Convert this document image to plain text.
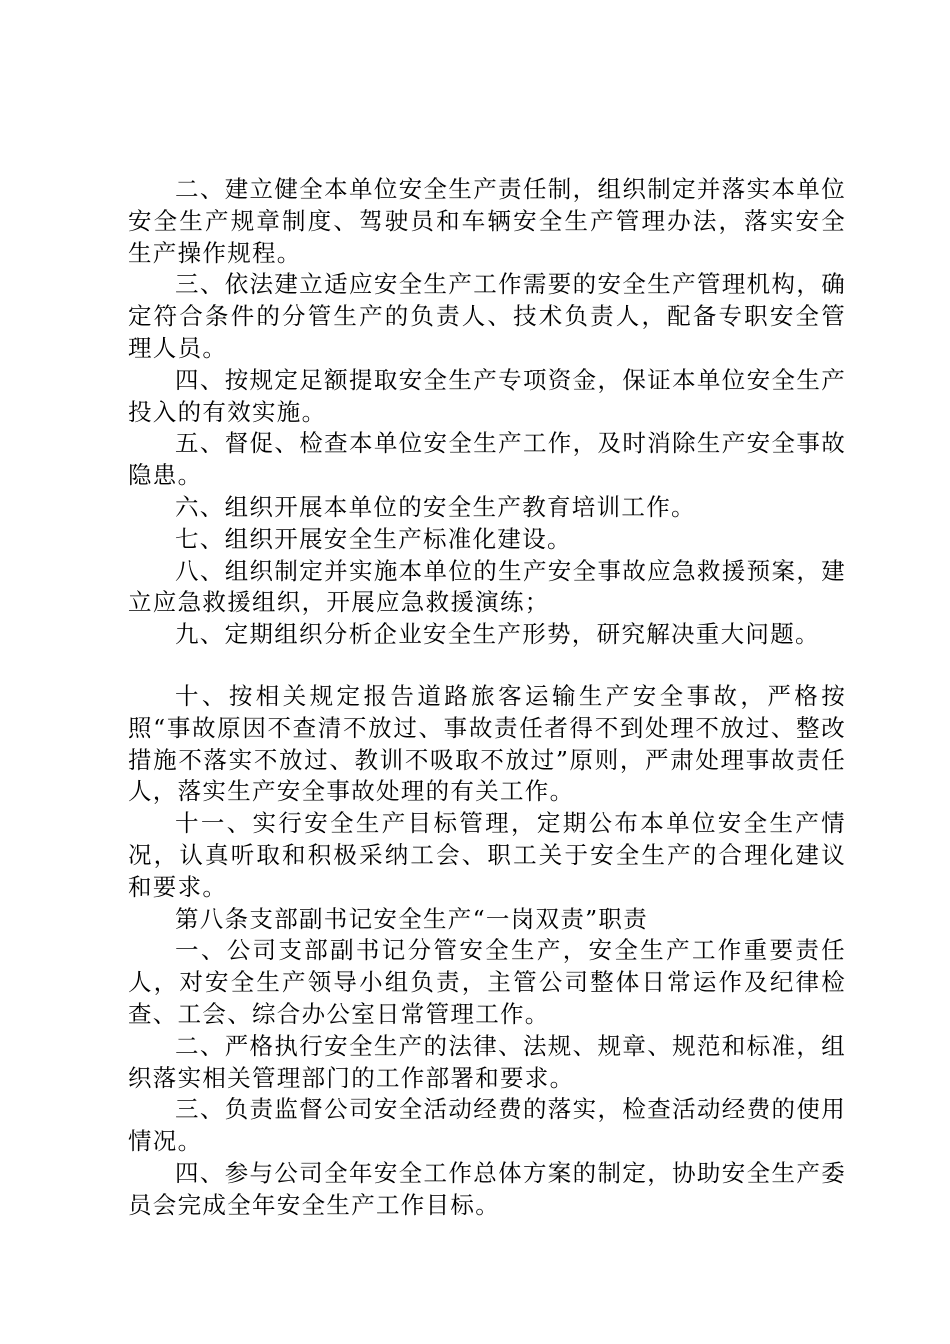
二、建立健全本单位安全生产责任制，组织制定并落实本单位安全生产规章制度、驾驶员和车辆安全生产管理办法，落实安全生产操作规程。

三、依法建立适应安全生产工作需要的安全生产管理机构，确定符合条件的分管生产的负责人、技术负责人，配备专职安全管理人员。

四、按规定足额提取安全生产专项资金，保证本单位安全生产投入的有效实施。

五、督促、检查本单位安全生产工作，及时消除生产安全事故隐患。

六、组织开展本单位的安全生产教育培训工作。

七、组织开展安全生产标准化建设。

八、组织制定并实施本单位的生产安全事故应急救援预案，建立应急救援组织，开展应急救援演练；

九、定期组织分析企业安全生产形势，研究解决重大问题。

十、按相关规定报告道路旅客运输生产安全事故，严格按照“事故原因不查清不放过、事故责任者得不到处理不放过、整改措施不落实不放过、教训不吸取不放过”原则，严肃处理事故责任人，落实生产安全事故处理的有关工作。

十一、实行安全生产目标管理，定期公布本单位安全生产情况，认真听取和积极采纳工会、职工关于安全生产的合理化建议和要求。

第八条支部副书记安全生产“一岗双责”职责

一、公司支部副书记分管安全生产，安全生产工作重要责任人，对安全生产领导小组负责，主管公司整体日常运作及纪律检查、工会、综合办公室日常管理工作。

二、严格执行安全生产的法律、法规、规章、规范和标准，组织落实相关管理部门的工作部署和要求。

三、负责监督公司安全活动经费的落实，检查活动经费的使用情况。

四、参与公司全年安全工作总体方案的制定，协助安全生产委员会完成全年安全生产工作目标。
